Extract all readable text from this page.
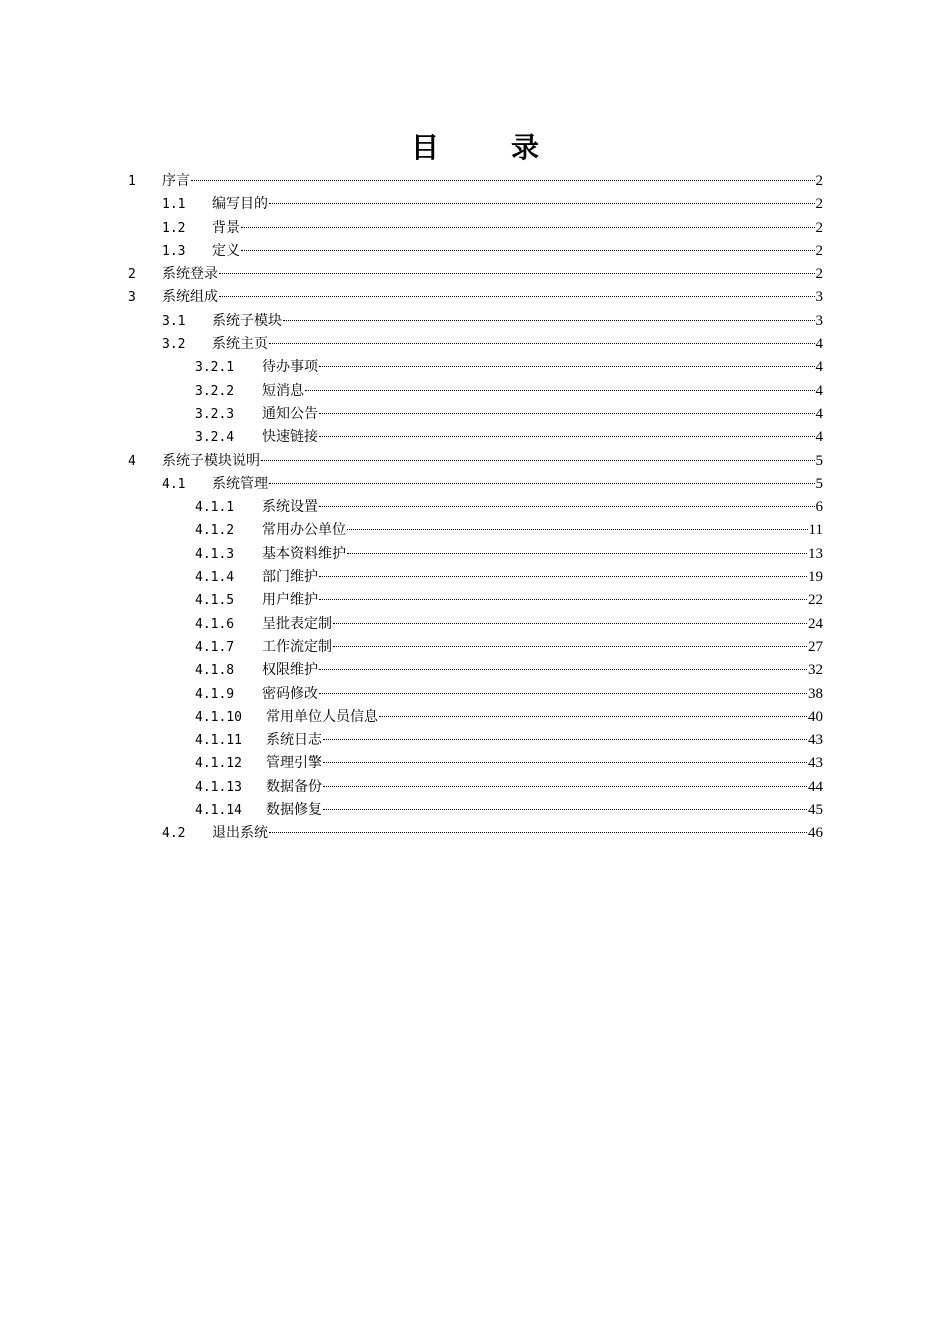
目　录
1 序言	2
1.1 编写目的	2
1.2 背景	2
1.3 定义	2
2 系统登录	2
3 系统组成	3
3.1 系统子模块	3
3.2 系统主页	4
3.2.1 待办事项	4
3.2.2 短消息	4
3.2.3 通知公告	4
3.2.4 快速链接	4
4 系统子模块说明	5
4.1 系统管理	5
4.1.1 系统设置	6
4.1.2 常用办公单位	11
4.1.3 基本资料维护	13
4.1.4 部门维护	19
4.1.5 用户维护	22
4.1.6 呈批表定制	24
4.1.7 工作流定制	27
4.1.8 权限维护	32
4.1.9 密码修改	38
4.1.10 常用单位人员信息	40
4.1.11 系统日志	43
4.1.12 管理引擎	43
4.1.13 数据备份	44
4.1.14 数据修复	45
4.2 退出系统	46
